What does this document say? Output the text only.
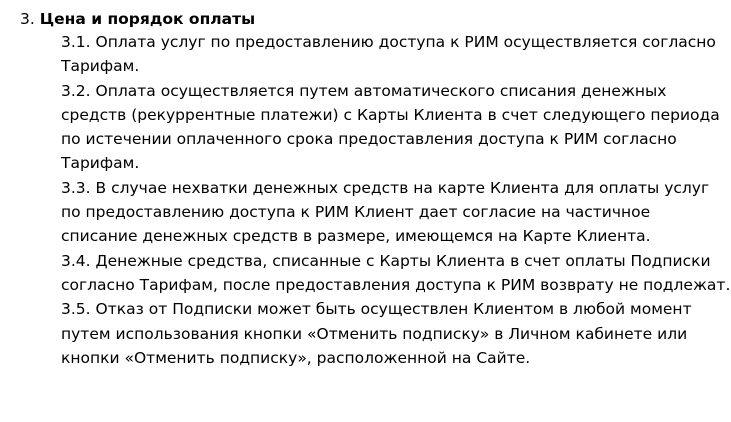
3. Цена и порядок оплаты

3.1. Оплата услуг по предоставлению доступа к РИМ осуществляется согласно Тарифам.
3.2. Оплата осуществляется путем автоматического списания денежных средств (рекуррентные платежи) с Карты Клиента в счет следующего периода по истечении оплаченного срока предоставления доступа к РИМ согласно Тарифам.
3.3. В случае нехватки денежных средств на карте Клиента для оплаты услуг по предоставлению доступа к РИМ Клиент дает согласие на частичное списание денежных средств в размере, имеющемся на Карте Клиента.
3.4. Денежные средства, списанные с Карты Клиента в счет оплаты Подписки согласно Тарифам, после предоставления доступа к РИМ возврату не подлежат.
3.5. Отказ от Подписки может быть осуществлен Клиентом в любой момент путем использования кнопки «Отменить подписку» в Личном кабинете или кнопки «Отменить подписку», расположенной на Сайте.
